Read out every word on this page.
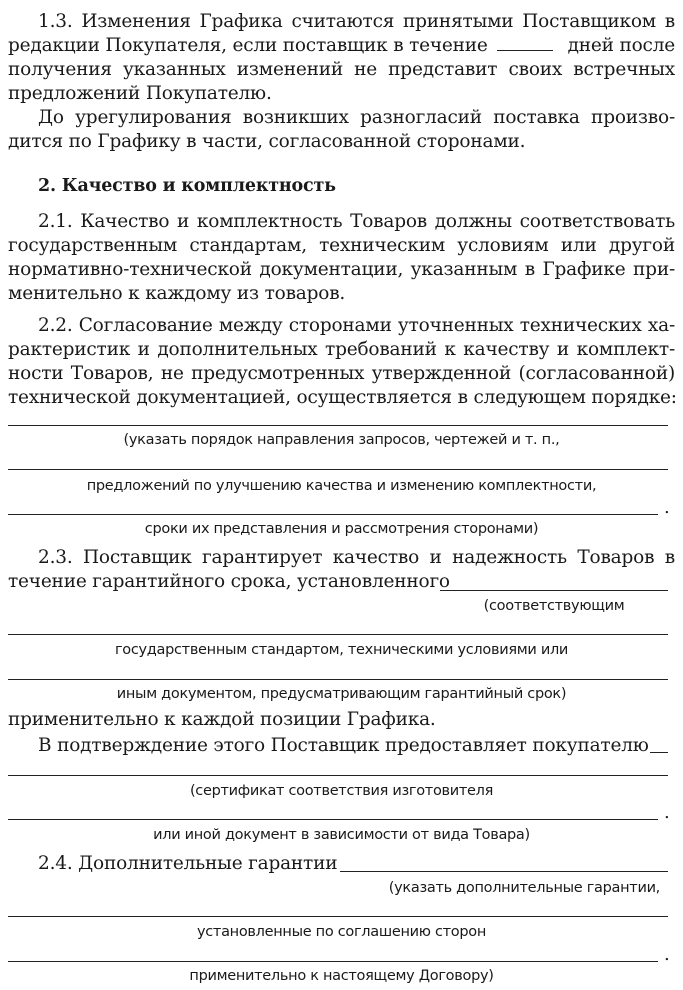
1.3. Изменения Графика считаются принятыми Поставщиком в
редакции Покупателя, если поставщик в течение	дней после
получения указанных изменений не представит своих встречных
предложений Покупателю.
До урегулирования возникших разногласий поставка произво-
дится по Графику в части, согласованной сторонами.
2. Качество и комплектность
2.1. Качество и комплектность Товаров должны соответствовать
государственным стандартам, техническим условиям или другой
нормативно-технической документации, указанным в Графике при-
менительно к каждому из товаров.
2.2. Согласование между сторонами уточненных технических ха-
рактеристик и дополнительных требований к качеству и комплект-
ности Товаров, не предусмотренных утвержденной (согласованной)
технической документацией, осуществляется в следующем порядке:
(указать порядок направления запросов, чертежей и т. п.,
предложений по улучшению качества и изменению комплектности,
.
сроки их представления и рассмотрения сторонами)
2.3. Поставщик гарантирует качество и надежность Товаров в
течение гарантийного срока, установленного
(соответствующим
государственным стандартом, техническими условиями или
иным документом, предусматривающим гарантийный срок)
применительно к каждой позиции Графика.
В подтверждение этого Поставщик предоставляет покупателю
(сертификат соответствия изготовителя
.
или иной документ в зависимости от вида Товара)
2.4. Дополнительные гарантии
(указать дополнительные гарантии,
установленные по соглашению сторон
.
применительно к настоящему Договору)
